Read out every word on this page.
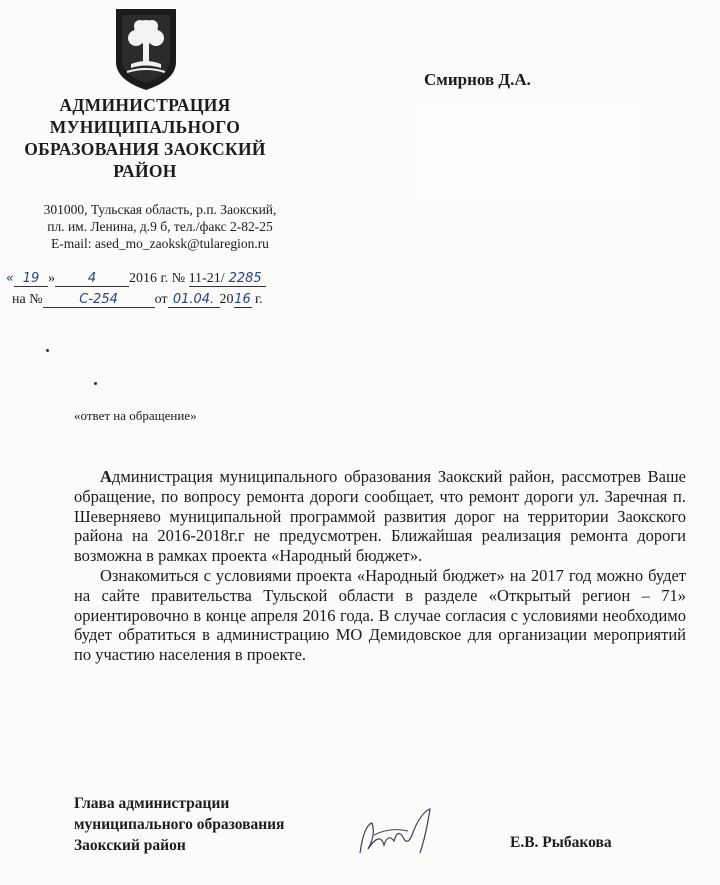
АДМИНИСТРАЦИЯ
МУНИЦИПАЛЬНОГО
ОБРАЗОВАНИЯ ЗАОКСКИЙ
РАЙОН
301000, Тульская область, р.п. Заокский,
пл. им. Ленина, д.9 б, тел./факс 2-82-25
E-mail: ased_mo_zaoksk@tularegion.ru
Смирнов Д.А.
« 19 »	4 2016 г. № 11-21/ 2285
на №	С-254	от 01.04. 2016 г.
«ответ на обращение»

Администрация муниципального образования Заокский район, рассмотрев Ваше обращение, по вопросу ремонта дороги сообщает, что ремонт дороги ул. Заречная п. Шеверняево муниципальной программой развития дорог на территории Заокского района на 2016-2018г.г не предусмотрен. Ближайшая реализация ремонта дороги возможна в рамках проекта «Народный бюджет».

Ознакомиться с условиями проекта «Народный бюджет» на 2017 год можно будет на сайте правительства Тульской области в разделе «Открытый регион – 71» ориентировочно в конце апреля 2016 года. В случае согласия с условиями необходимо будет обратиться в администрацию МО Демидовское для организации мероприятий по участию населения в проекте.

Глава администрации
муниципального образования
Заокский район	Е.В. Рыбакова
